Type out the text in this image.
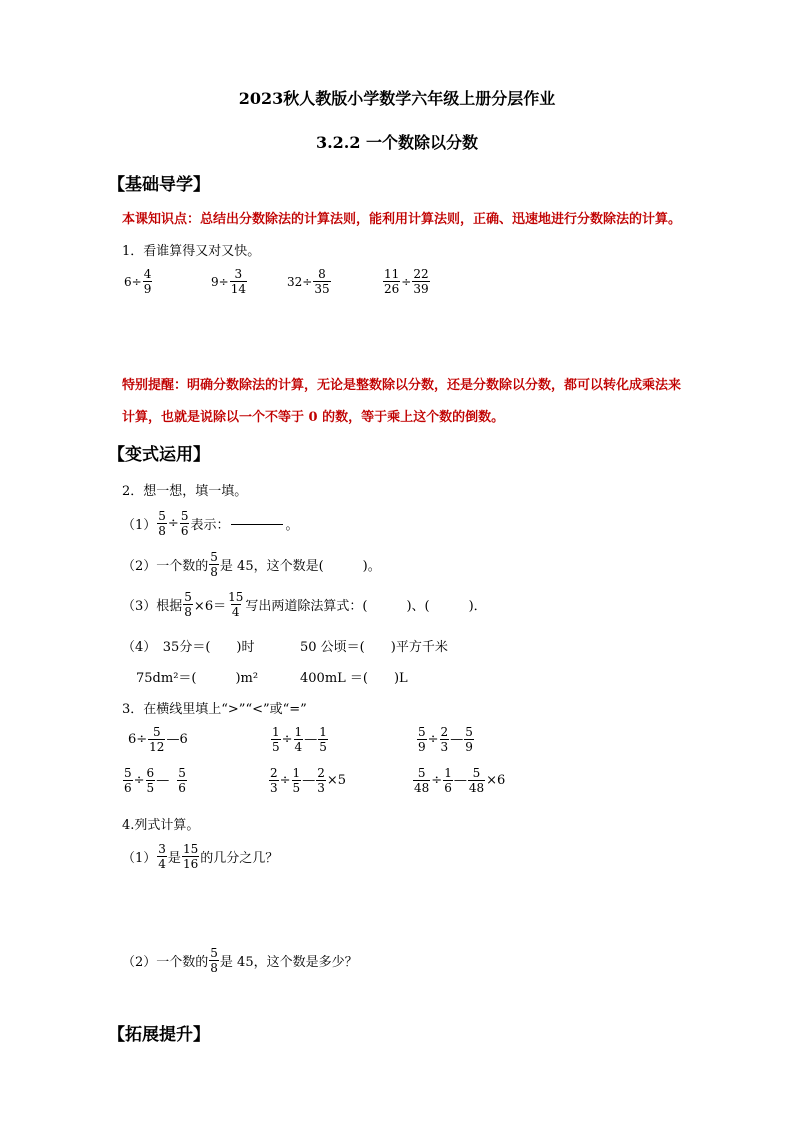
2023秋人教版小学数学六年级上册分层作业
3.2.2 一个数除以分数
【基础导学】
本课知识点：总结出分数除法的计算法则，能利用计算法则，正确、迅速地进行分数除法的计算。
1．看谁算得又对又快。
$6\div \frac{4}{9}$	$9\div \frac{3}{14}$	$32\div \frac{8}{35}$	$\frac{11}{26} \div \frac{22}{39}$
特别提醒：明确分数除法的计算，无论是整数除以分数，还是分数除以分数，都可以转化成乘法来
计算，也就是说除以一个不等于 0 的数，等于乘上这个数的倒数。
【变式运用】
2．想一想，填一填。
$(1) \frac{5}{8} \div \frac{5}{6}$ 表示：	。
（2）一个数的 $\frac{5}{8}$ 是 45，这个数是(　　　)。
（3）根据 $\frac{5}{8} \times 6= \frac{15}{4}$ 写出两道除法算式：(　　　)、(　　　)．
（4）　35分＝(　　)时	50 公顷＝(　　)平方千米
75dm²＝(　　　)m²	400mL ＝(　　)L
3．在横线里填上“>”“<”或“=”
$6\div \frac{5}{12}$ —6	$\frac{1}{5} \div \frac{1}{4}$ — $\frac{1}{5}$	$\frac{5}{9} \div \frac{2}{3}$ — $\frac{5}{9}$
$\frac{5}{6} \div \frac{6}{5}$ — $\frac{5}{6}$	$\frac{2}{3} \div \frac{1}{5}$ — $\frac{2}{3} \times 5$	$\frac{5}{48} \div \frac{1}{6}$ — $\frac{5}{48} \times 6$
4.列式计算。
$(1) \frac{3}{4}$ 是 $\frac{15}{16}$ 的几分之几？
（2）一个数的 $\frac{5}{8}$ 是 45，这个数是多少？
【拓展提升】
